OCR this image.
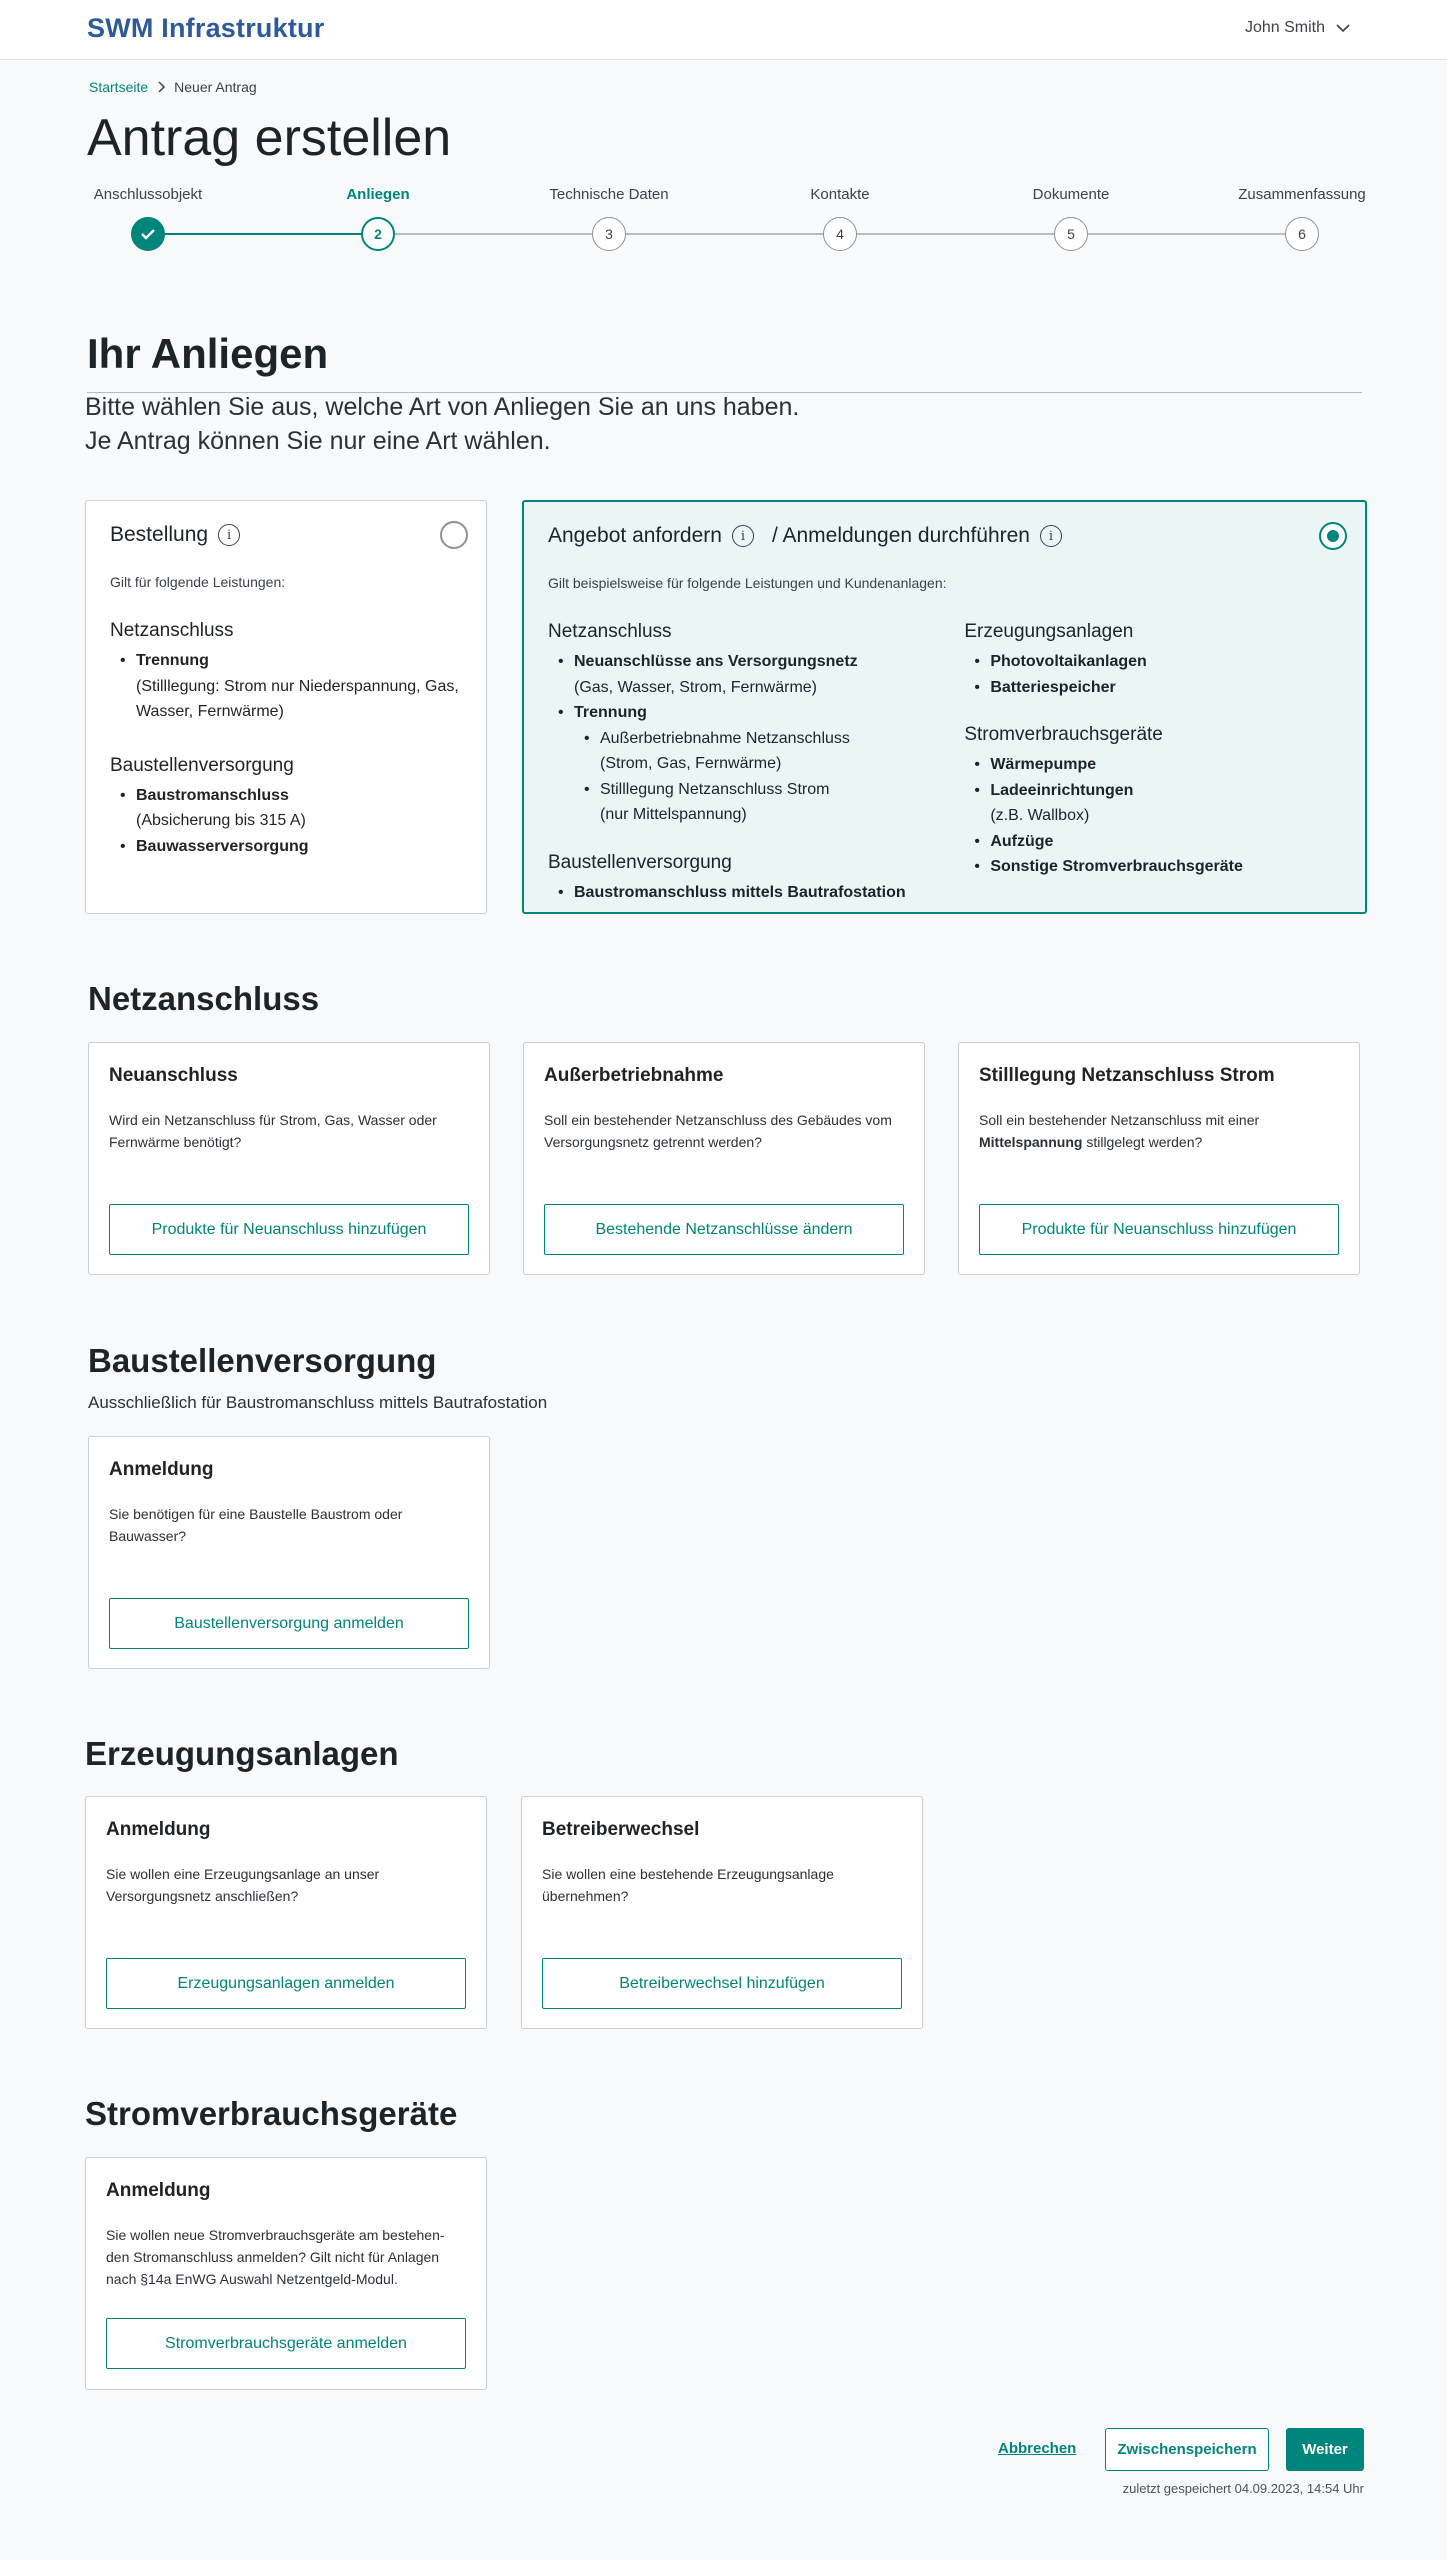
SWM Infrastruktur	John Smith
Startseite Neuer Antrag
Antrag erstellen
Anschlussobjekt	Anliegen
2
Technische Daten
3
Kontakte
4
Dokumente
5
Zusammenfassung
6
Ihr Anliegen
Bitte wählen Sie aus, welche Art von Anliegen Sie an uns haben.
Je Antrag können Sie nur eine Art wählen.
Bestellung	i
Gilt für folgende Leistungen:
Netzanschluss
• Trennung
(Stilllegung: Strom nur Niederspannung, Gas, Wasser, Fernwärme)
Baustellenversorgung
• Baustromanschluss
(Absicherung bis 315 A)
• Bauwasserversorgung
Angebot anfordern	i	/ Anmeldungen durchführen	i
Gilt beispielsweise für folgende Leistungen und Kundenanlagen:
Netzanschluss
• Neuanschlüsse ans Versorgungsnetz
(Gas, Wasser, Strom, Fernwärme)
• Trennung
• Außerbetriebnahme Netzanschluss
(Strom, Gas, Fernwärme)
• Stilllegung Netzanschluss Strom
(nur Mittelspannung)
Baustellenversorgung
• Baustromanschluss mittels Bautrafostation
Erzeugungsanlagen
• Photovoltaikanlagen
• Batteriespeicher
Stromverbrauchsgeräte
• Wärmepumpe
• Ladeeinrichtungen
(z.B. Wallbox)
• Aufzüge
• Sonstige Stromverbrauchsgeräte
Netzanschluss
Neuanschluss
Wird ein Netzanschluss für Strom, Gas, Wasser oder Fernwärme benötigt?
Produkte für Neuanschluss hinzufügen
Außerbetriebnahme
Soll ein bestehender Netzanschluss des Gebäudes vom Versorgungsnetz getrennt werden?
Bestehende Netzanschlüsse ändern
Stilllegung Netzanschluss Strom
Soll ein bestehender Netzanschluss mit einer Mittelspannung stillgelegt werden?
Produkte für Neuanschluss hinzufügen
Baustellenversorgung
Ausschließlich für Baustromanschluss mittels Bautrafostation
Anmeldung
Sie benötigen für eine Baustelle Baustrom oder Bauwasser?
Baustellenversorgung anmelden
Erzeugungsanlagen
Anmeldung
Sie wollen eine Erzeugungsanlage an unser Versorgungsnetz anschließen?
Erzeugungsanlagen anmelden
Betreiberwechsel
Sie wollen eine bestehende Erzeugungsanlage übernehmen?
Betreiberwechsel hinzufügen
Stromverbrauchsgeräte
Anmeldung
Sie wollen neue Stromverbrauchsgeräte am bestehen-
den Stromanschluss anmelden? Gilt nicht für Anlagen
nach §14a EnWG Auswahl Netzentgeld-Modul.
Stromverbrauchsgeräte anmelden
Abbrechen	Zwischenspeichern	Weiter
zuletzt gespeichert 04.09.2023, 14:54 Uhr
